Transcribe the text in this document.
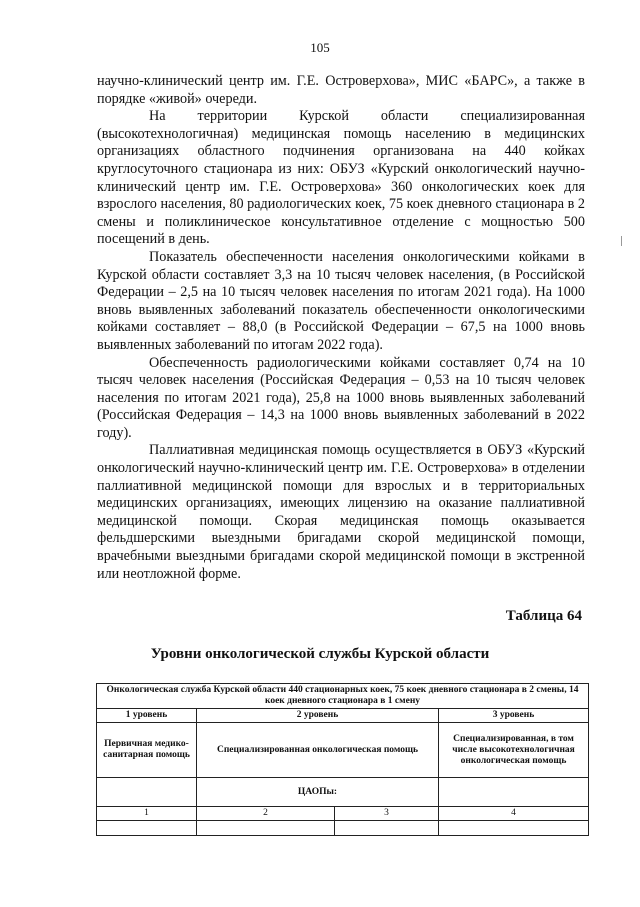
105

научно-клинический центр им. Г.Е. Островерхова», МИС «БАРС», а также в порядке «живой» очереди.

На территории Курской области специализированная (высокотехнологичная) медицинская помощь населению в медицинских организациях областного подчинения организована на 440 койках круглосуточного стационара из них: ОБУЗ «Курский онкологический научно-клинический центр им. Г.Е. Островерхова» 360 онкологических коек для взрослого населения, 80 радиологических коек, 75 коек дневного стационара в 2 смены и поликлиническое консультативное отделение с мощностью 500 посещений в день.

Показатель обеспеченности населения онкологическими койками в Курской области составляет 3,3 на 10 тысяч человек населения, (в Российской Федерации – 2,5 на 10 тысяч человек населения по итогам 2021 года). На 1000 вновь выявленных заболеваний показатель обеспеченности онкологическими койками составляет – 88,0 (в Российской Федерации – 67,5 на 1000 вновь выявленных заболеваний по итогам 2022 года).

Обеспеченность радиологическими койками составляет 0,74 на 10 тысяч человек населения (Российская Федерация – 0,53 на 10 тысяч человек населения по итогам 2021 года), 25,8 на 1000 вновь выявленных заболеваний (Российская Федерация – 14,3 на 1000 вновь выявленных заболеваний в 2022 году).

Паллиативная медицинская помощь осуществляется в ОБУЗ «Курский онкологический научно-клинический центр им. Г.Е. Островерхова» в отделении паллиативной медицинской помощи для взрослых и в территориальных медицинских организациях, имеющих лицензию на оказание паллиативной медицинской помощи. Скорая медицинская помощь оказывается фельдшерскими выездными бригадами скорой медицинской помощи, врачебными выездными бригадами скорой медицинской помощи в экстренной или неотложной форме.

Таблица 64
Уровни онкологической службы Курской области
Онкологическая служба Курской области 440 стационарных коек, 75 коек дневного стационара в 2 смены, 14 коек дневного стационара в 1 смену			
1 уровень	2 уровень		3 уровень
Первичная медико-санитарная помощь	Специализированная онкологическая помощь		Специализированная, в том числе высокотехнологичная онкологическая помощь

	ЦАОПы:		
1	2	3	4
